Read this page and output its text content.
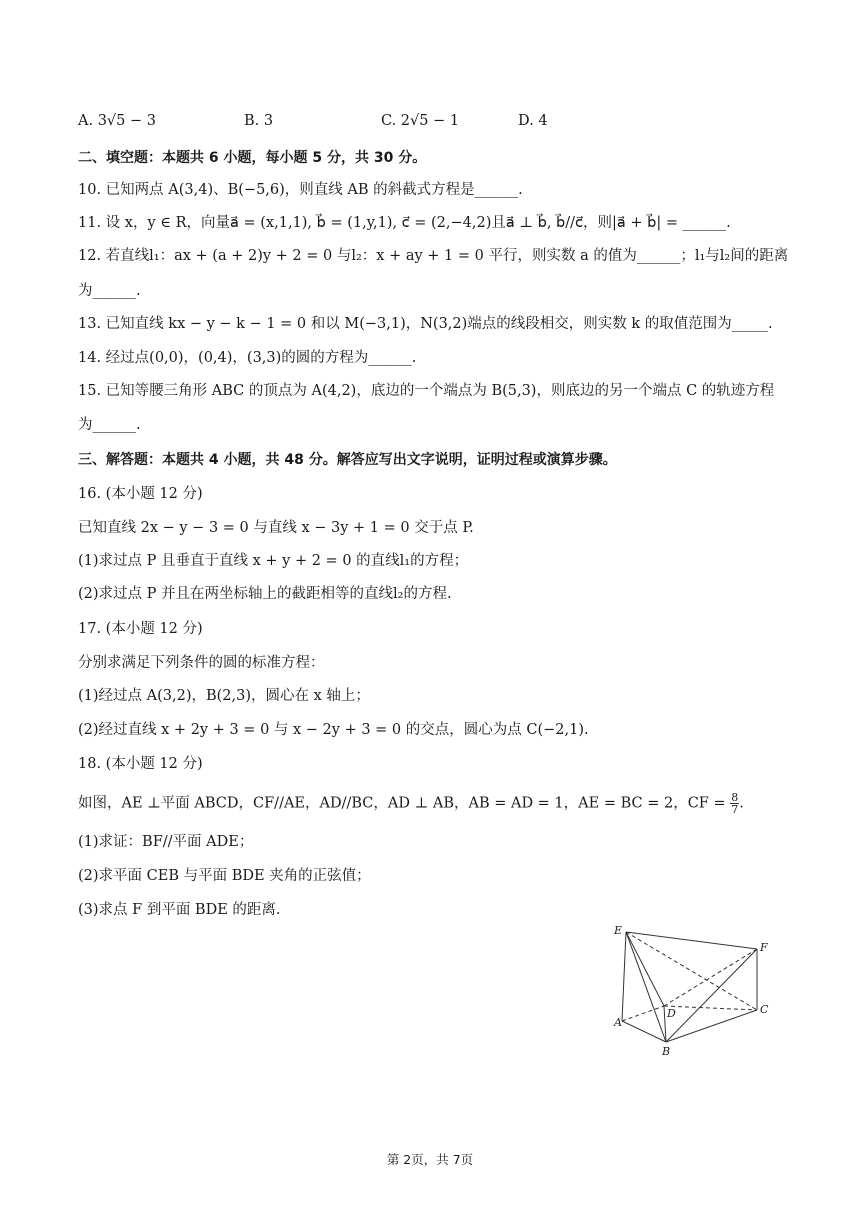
A. 3√5 − 3	B. 3	C. 2√5 − 1	D. 4
二、填空题：本题共 6 小题，每小题 5 分，共 30 分。
10. 已知两点 A(3,4)、B(−5,6)，则直线 AB 的斜截式方程是______.
11. 设 x，y ∈ R，向量a⃗ = (x,1,1), b⃗ = (1,y,1), c⃗ = (2,−4,2)且a⃗ ⊥ b⃗, b⃗//c⃗，则|a⃗ + b⃗| = ______.
12. 若直线l₁：ax + (a + 2)y + 2 = 0 与l₂：x + ay + 1 = 0 平行，则实数 a 的值为______；l₁与l₂间的距离
为______.
13. 已知直线 kx − y − k − 1 = 0 和以 M(−3,1)，N(3,2)端点的线段相交，则实数 k 的取值范围为_____.
14. 经过点(0,0)，(0,4)，(3,3)的圆的方程为______.
15. 已知等腰三角形 ABC 的顶点为 A(4,2)，底边的一个端点为 B(5,3)，则底边的另一个端点 C 的轨迹方程
为______.
三、解答题：本题共 4 小题，共 48 分。解答应写出文字说明，证明过程或演算步骤。
16. (本小题 12 分)
已知直线 2x − y − 3 = 0 与直线 x − 3y + 1 = 0 交于点 P.
(1)求过点 P 且垂直于直线 x + y + 2 = 0 的直线l₁的方程；
(2)求过点 P 并且在两坐标轴上的截距相等的直线l₂的方程.
17. (本小题 12 分)
分别求满足下列条件的圆的标准方程：
(1)经过点 A(3,2)，B(2,3)，圆心在 x 轴上；
(2)经过直线 x + 2y + 3 = 0 与 x − 2y + 3 = 0 的交点，圆心为点 C(−2,1).
18. (本小题 12 分)
如图，AE ⊥平面 ABCD，CF//AE，AD//BC，AD ⊥ AB，AB = AD = 1，AE = BC = 2，CF = $\frac{8}{7}$ .
(1)求证：BF//平面 ADE；
(2)求平面 CEB 与平面 BDE 夹角的正弦值；
(3)求点 F 到平面 BDE 的距离.
E
F
A
D	C
B
第 2页，共 7页
